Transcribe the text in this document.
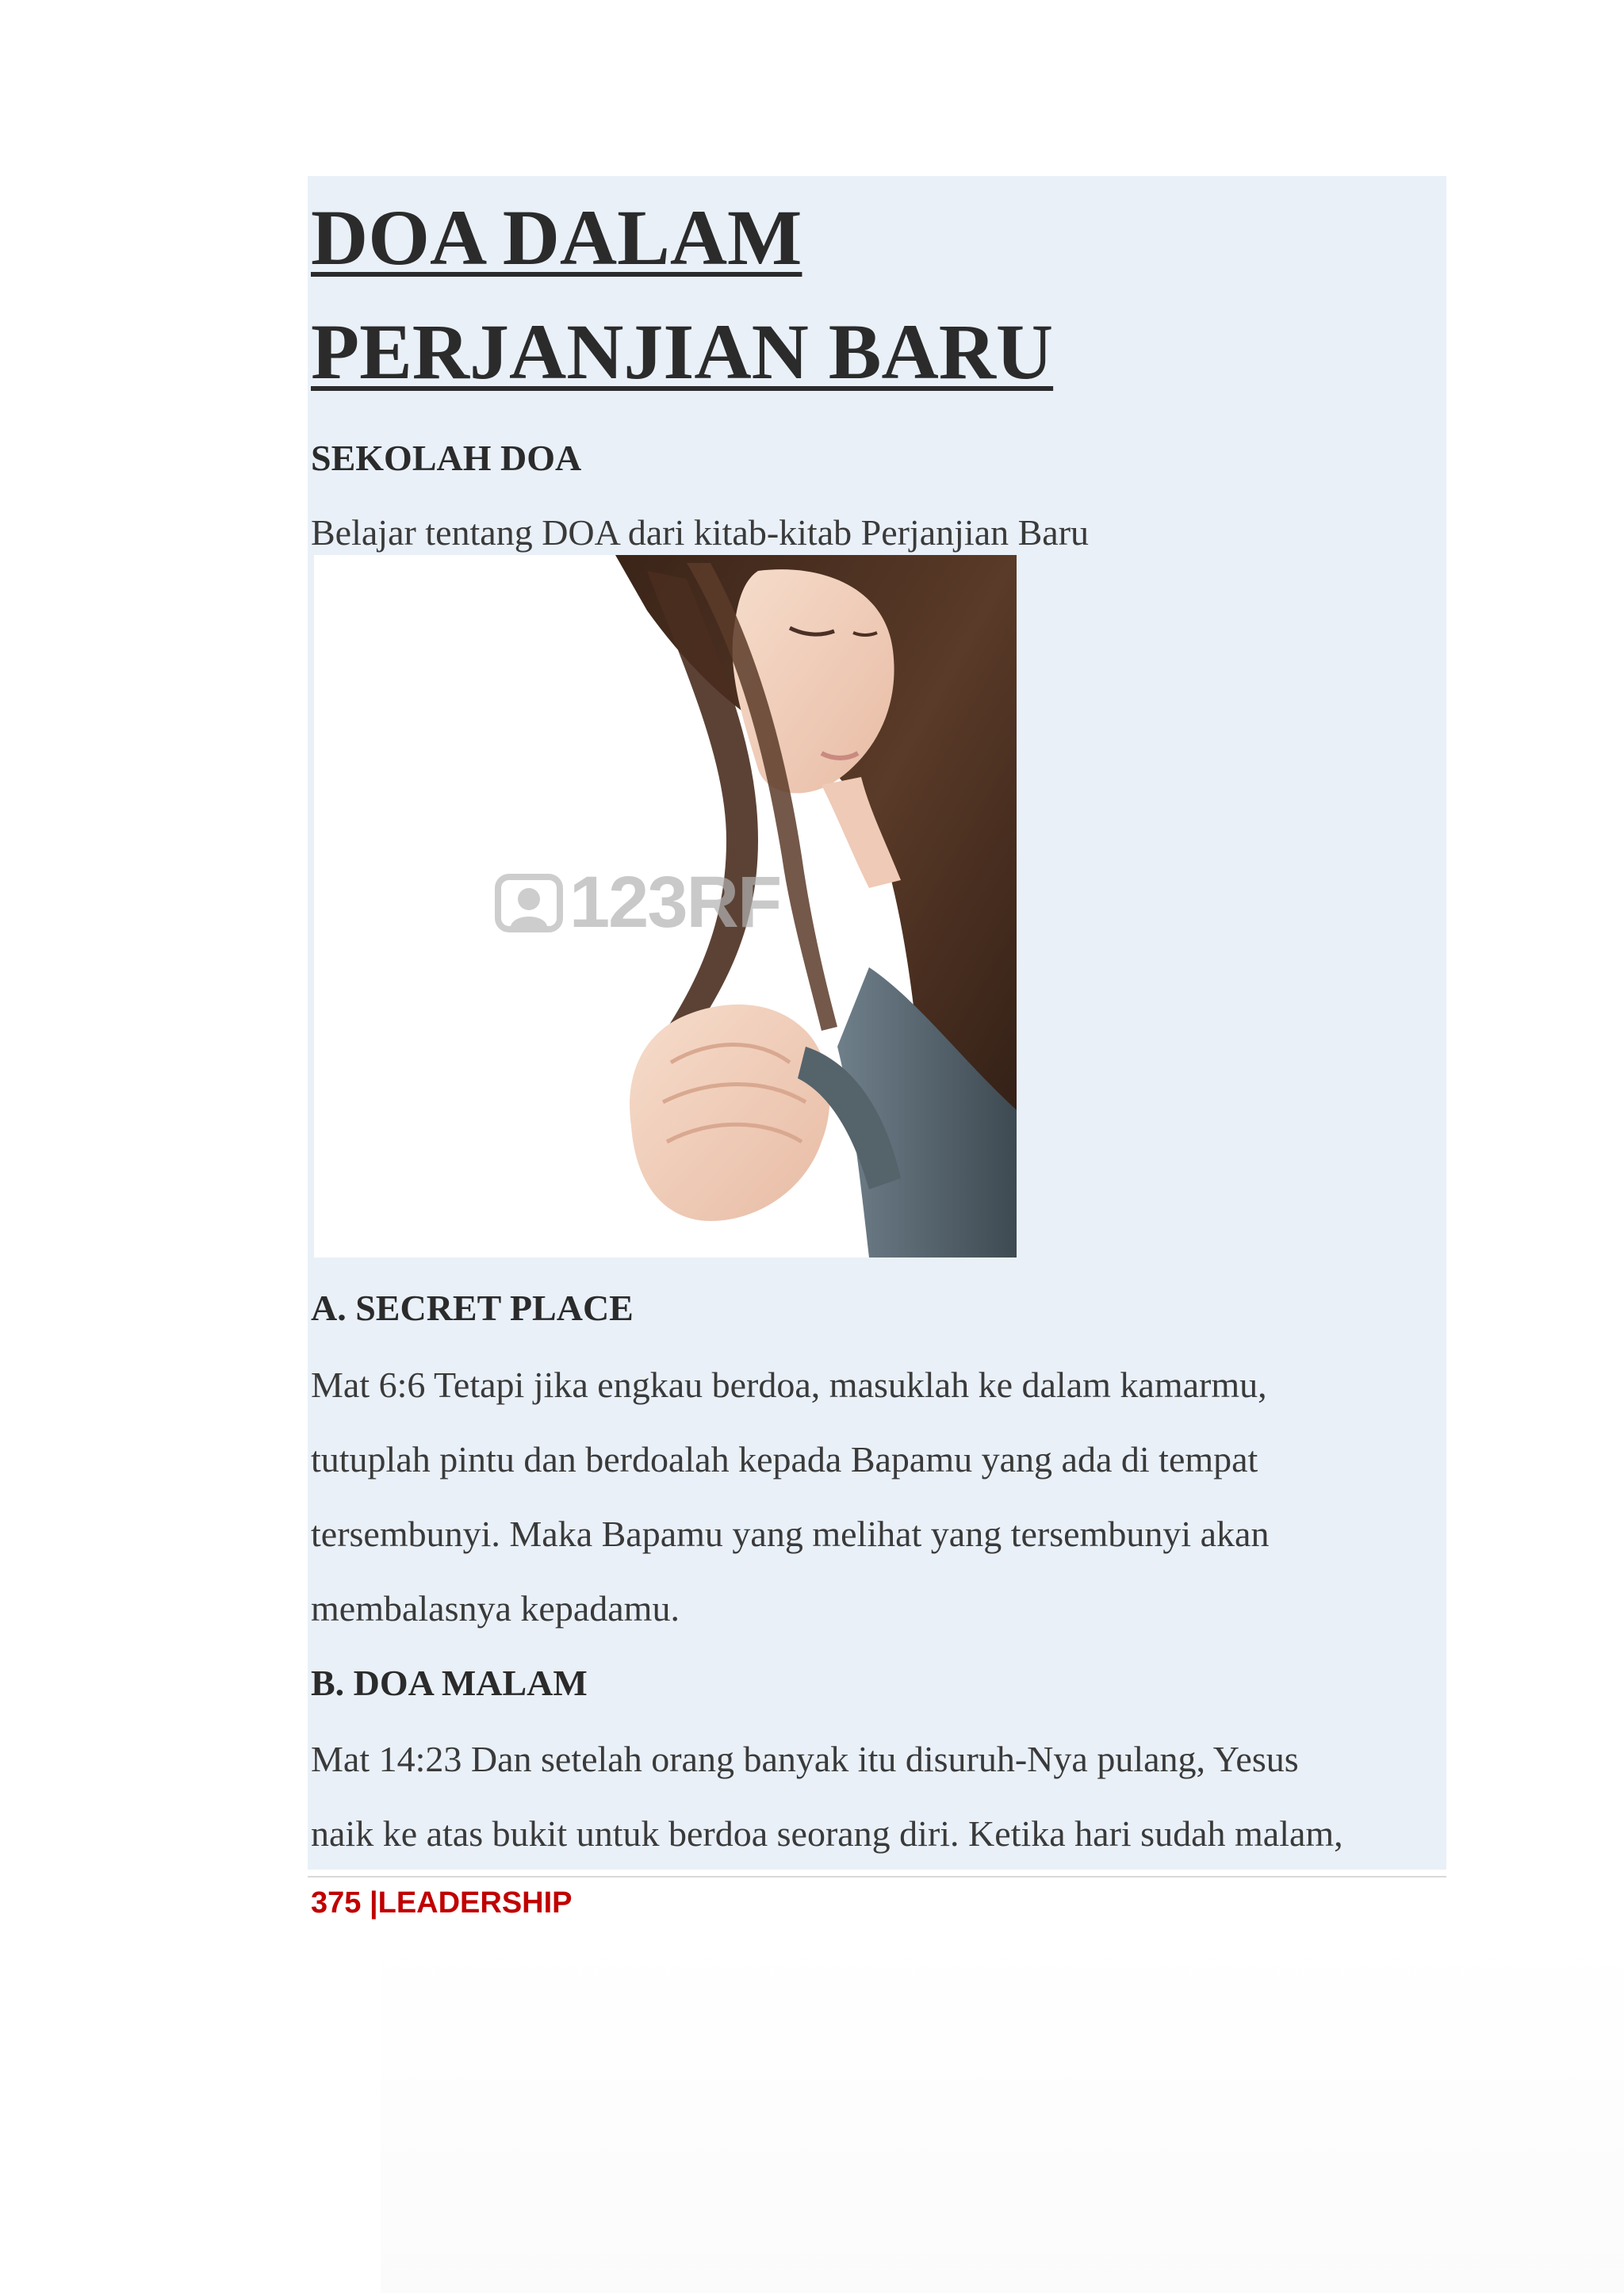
DOA DALAM
PERJANJIAN BARU
SEKOLAH DOA
Belajar tentang DOA dari kitab-kitab Perjanjian Baru
123RF
A. SECRET PLACE
Mat 6:6 Tetapi jika engkau berdoa, masuklah ke dalam kamarmu,
tutuplah pintu dan berdoalah kepada Bapamu yang ada di tempat
tersembunyi. Maka Bapamu yang melihat yang tersembunyi akan
membalasnya kepadamu.
B. DOA MALAM
Mat 14:23 Dan setelah orang banyak itu disuruh-Nya pulang, Yesus
naik ke atas bukit untuk berdoa seorang diri. Ketika hari sudah malam,
375 |LEADERSHIP
